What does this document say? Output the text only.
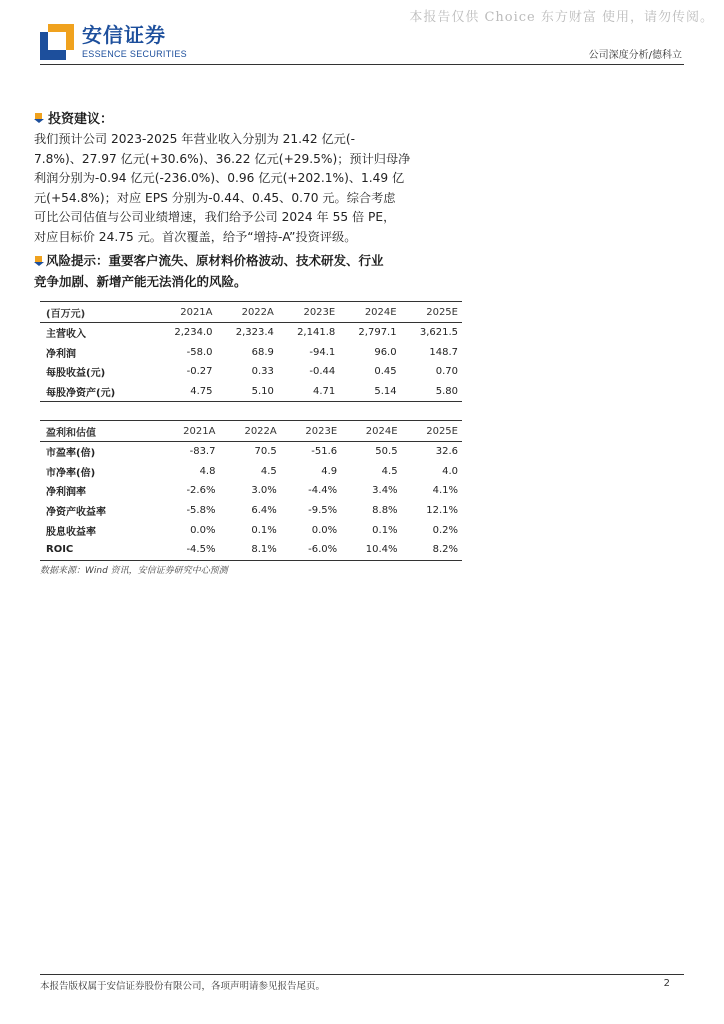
本报告仅供 Choice 东方财富 使用，请勿传阅。
安信证券
ESSENCE SECURITIES	公司深度分析/德科立
投资建议：
我们预计公司 2023-2025 年营业收入分别为 21.42 亿元(-
7.8%)、27.97 亿元(+30.6%)、36.22 亿元(+29.5%)；预计归母净
利润分别为-0.94 亿元(-236.0%)、0.96 亿元(+202.1%)、1.49 亿
元(+54.8%)；对应 EPS 分别为-0.44、0.45、0.70 元。综合考虑
可比公司估值与公司业绩增速，我们给予公司 2024 年 55 倍 PE，
对应目标价 24.75 元。首次覆盖，给予“增持-A”投资评级。
风险提示：重要客户流失、原材料价格波动、技术研发、行业
竞争加剧、新增产能无法消化的风险。
(百万元)	2021A	2022A	2023E	2024E	2025E
主营收入	2,234.0	2,323.4	2,141.8	2,797.1	3,621.5
净利润	-58.0	68.9	-94.1	96.0	148.7
每股收益(元)	-0.27	0.33	-0.44	0.45	0.70
每股净资产(元)	4.75	5.10	4.71	5.14	5.80
盈利和估值	2021A	2022A	2023E	2024E	2025E
市盈率(倍)	-83.7	70.5	-51.6	50.5	32.6
市净率(倍)	4.8	4.5	4.9	4.5	4.0
净利润率	-2.6%	3.0%	-4.4%	3.4%	4.1%
净资产收益率	-5.8%	6.4%	-9.5%	8.8%	12.1%
股息收益率	0.0%	0.1%	0.0%	0.1%	0.2%
ROIC	-4.5%	8.1%	-6.0%	10.4%	8.2%
数据来源：Wind 资讯，安信证券研究中心预测
本报告版权属于安信证券股份有限公司，各项声明请参见报告尾页。	2
